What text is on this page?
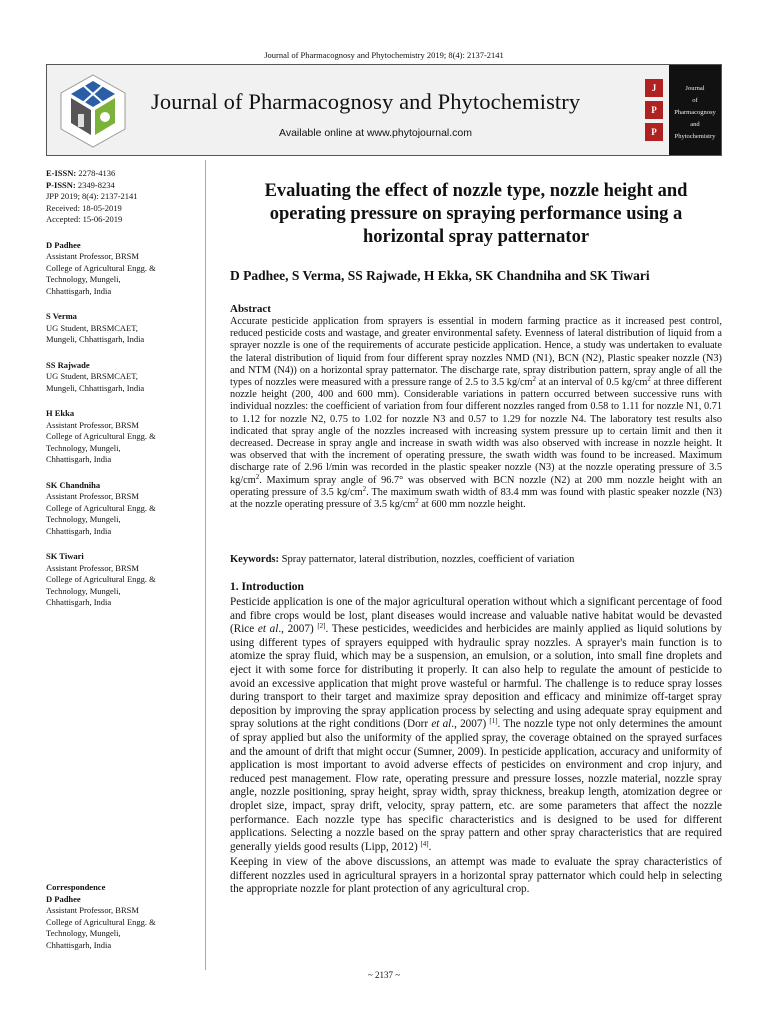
Journal of Pharmacognosy and Phytochemistry 2019; 8(4): 2137-2141
Journal of Pharmacognosy and Phytochemistry
Available online at www.phytojournal.com
J
P
P
Journal
of
Pharmacognosy
and
Phytochemistry
E-ISSN: 2278-4136
P-ISSN: 2349-8234
JPP 2019; 8(4): 2137-2141
Received: 18-05-2019
Accepted: 15-06-2019
D Padhee
Assistant Professor, BRSM
College of Agricultural Engg. &
Technology, Mungeli,
Chhattisgarh, India
S Verma
UG Student, BRSMCAET,
Mungeli, Chhattisgarh, India
SS Rajwade
UG Student, BRSMCAET,
Mungeli, Chhattisgarh, India
H Ekka
Assistant Professor, BRSM
College of Agricultural Engg. &
Technology, Mungeli,
Chhattisgarh, India
SK Chandniha
Assistant Professor, BRSM
College of Agricultural Engg. &
Technology, Mungeli,
Chhattisgarh, India
SK Tiwari
Assistant Professor, BRSM
College of Agricultural Engg. &
Technology, Mungeli,
Chhattisgarh, India
Correspondence
D Padhee
Assistant Professor, BRSM
College of Agricultural Engg. &
Technology, Mungeli,
Chhattisgarh, India
Evaluating the effect of nozzle type, nozzle height and operating pressure on spraying performance using a horizontal spray patternator
D Padhee, S Verma, SS Rajwade, H Ekka, SK Chandniha and SK Tiwari
Abstract
Accurate pesticide application from sprayers is essential in modern farming practice as it increased pest control, reduced pesticide costs and wastage, and greater environmental safety. Evenness of lateral distribution of liquid from a sprayer nozzle is one of the requirements of accurate pesticide application. Hence, a study was undertaken to evaluate the lateral distribution of liquid from four different spray nozzles NMD (N1), BCN (N2), Plastic speaker nozzle (N3) and NTM (N4)) on a horizontal spray patternator. The discharge rate, spray distribution pattern, spray angle of all the types of nozzles were measured with a pressure range of 2.5 to 3.5 $kg/cm^2$ at an interval of 0.5 $kg/cm^2$ at three different nozzle height (200, 400 and 600 mm). Considerable variations in pattern occurred between successive runs with individual nozzles: the coefficient of variation from four different nozzles ranged from 0.58 to 1.11 for nozzle N1, 0.71 to 1.12 for nozzle N2, 0.75 to 1.02 for nozzle N3 and 0.57 to 1.29 for nozzle N4. The laboratory test results also indicated that spray angle of the nozzles increased with increasing system pressure up to certain limit and then it decreased. Decrease in spray angle and increase in swath width was also observed with increase in nozzle height. It was observed that with the increment of operating pressure, the swath width was found to be increased. Maximum discharge rate of 2.96 l/min was recorded in the plastic speaker nozzle (N3) at the nozzle operating pressure of 3.5 $kg/cm^2$. Maximum spray angle of 96.7° was observed with BCN nozzle (N2) at 200 mm nozzle height with an operating pressure of 3.5 $kg/cm^2$. The maximum swath width of 83.4 mm was found with plastic speaker nozzle (N3) at the nozzle operating pressure of 3.5 $kg/cm^2$ at 600 mm nozzle height.
Keywords: Spray patternator, lateral distribution, nozzles, coefficient of variation
1. Introduction

Pesticide application is one of the major agricultural operation without which a significant percentage of food and fibre crops would be lost, plant diseases would increase and valuable native habitat would be devasted (Rice et al., 2007) [2]. These pesticides, weedicides and herbicides are mainly applied as liquid solutions by using different types of sprayers equipped with hydraulic spray nozzles. A sprayer's main function is to atomize the spray fluid, which may be a suspension, an emulsion, or a solution, into small fine droplets and eject it with some force for distributing it properly. It can also help to regulate the amount of pesticide to avoid an excessive application that might prove wasteful or harmful. The challenge is to reduce spray losses during transport to their target and maximize spray deposition and efficacy and minimize off-target spray deposition by improving the spray application process by selecting and using adequate spray equipment and spray solutions at the right conditions (Dorr et al., 2007) [1]. The nozzle type not only determines the amount of spray applied but also the uniformity of the applied spray, the coverage obtained on the sprayed surfaces and the amount of drift that might occur (Sumner, 2009). In pesticide application, accuracy and uniformity of application is most important to avoid adverse effects of pesticides on environment and crop injury, and reduced pest management. Flow rate, operating pressure and pressure losses, nozzle material, nozzle spray angle, nozzle positioning, spray height, spray width, spray thickness, breakup length, atomization degree or droplet size, impact, spray drift, velocity, spray pattern, etc. are some parameters that affect the nozzle performance. Each nozzle type has specific characteristics and is designed to be used for different applications. Selecting a nozzle based on the spray pattern and other spray characteristics that are required generally yields good results (Lipp, 2012) [4].

Keeping in view of the above discussions, an attempt was made to evaluate the spray characteristics of different nozzles used in agricultural sprayers in a horizontal spray patternator which could help in selecting the appropriate nozzle for plant protection of any agricultural crop.

~ 2137 ~
